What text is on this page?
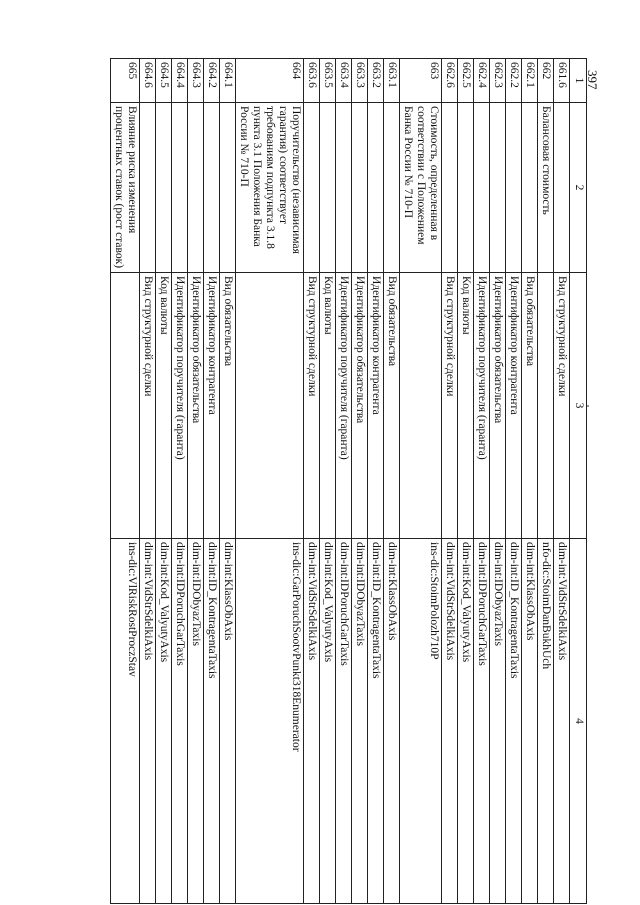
397
1	2	3	4
661.6		Вид структурной сделки	dim-int:VidStrSdelkiAxis
662	Балансовая стоимость		nfo-dic:StoimDanBukhUch
662.1		Вид обязательства	dim-int:KlassObAxis
662.2		Идентификатор контрагента	dim-int:ID_KontragentaTaxis
662.3		Идентификатор обязательства	dim-int:IDObyazTaxis
662.4		Идентификатор поручителя (гаранта)	dim-int:IDPoruchGarTaxis
662.5		Код валюты	dim-int:Kod_ValyutyAxis
662.6		Вид структурной сделки	dim-int:VidStrSdelkiAxis
663	Стоимость, определенная в соответствии с Положением Банка России № 710-П		ins-dic:StoimPolozh710P
663.1		Вид обязательства	dim-int:KlassObAxis
663.2		Идентификатор контрагента	dim-int:ID_KontragentaTaxis
663.3		Идентификатор обязательства	dim-int:IDObyazTaxis
663.4		Идентификатор поручителя (гаранта)	dim-int:IDPoruchGarTaxis
663.5		Код валюты	dim-int:Kod_ValyutyAxis
663.6		Вид структурной сделки	dim-int:VidStrSdelkiAxis
664	Поручительство (независимая гарантия) соответствует требованиям подпункта 3.1.8 пункта 3.1 Положения Банка России № 710-П		ins-dic:GarPoruchSootvPunkt318Enumerator
664.1		Вид обязательства	dim-int:KlassObAxis
664.2		Идентификатор контрагента	dim-int:ID_KontragentaTaxis
664.3		Идентификатор обязательства	dim-int:IDObyazTaxis
664.4		Идентификатор поручителя (гаранта)	dim-int:IDPoruchGarTaxis
664.5		Код валюты	dim-int:Kod_ValyutyAxis
664.6		Вид структурной сделки	dim-int:VidStrSdelkiAxis
665	Влияние риска изменения процентных ставок (рост ставок)		ins-dic:VlRiskRostProczStav
